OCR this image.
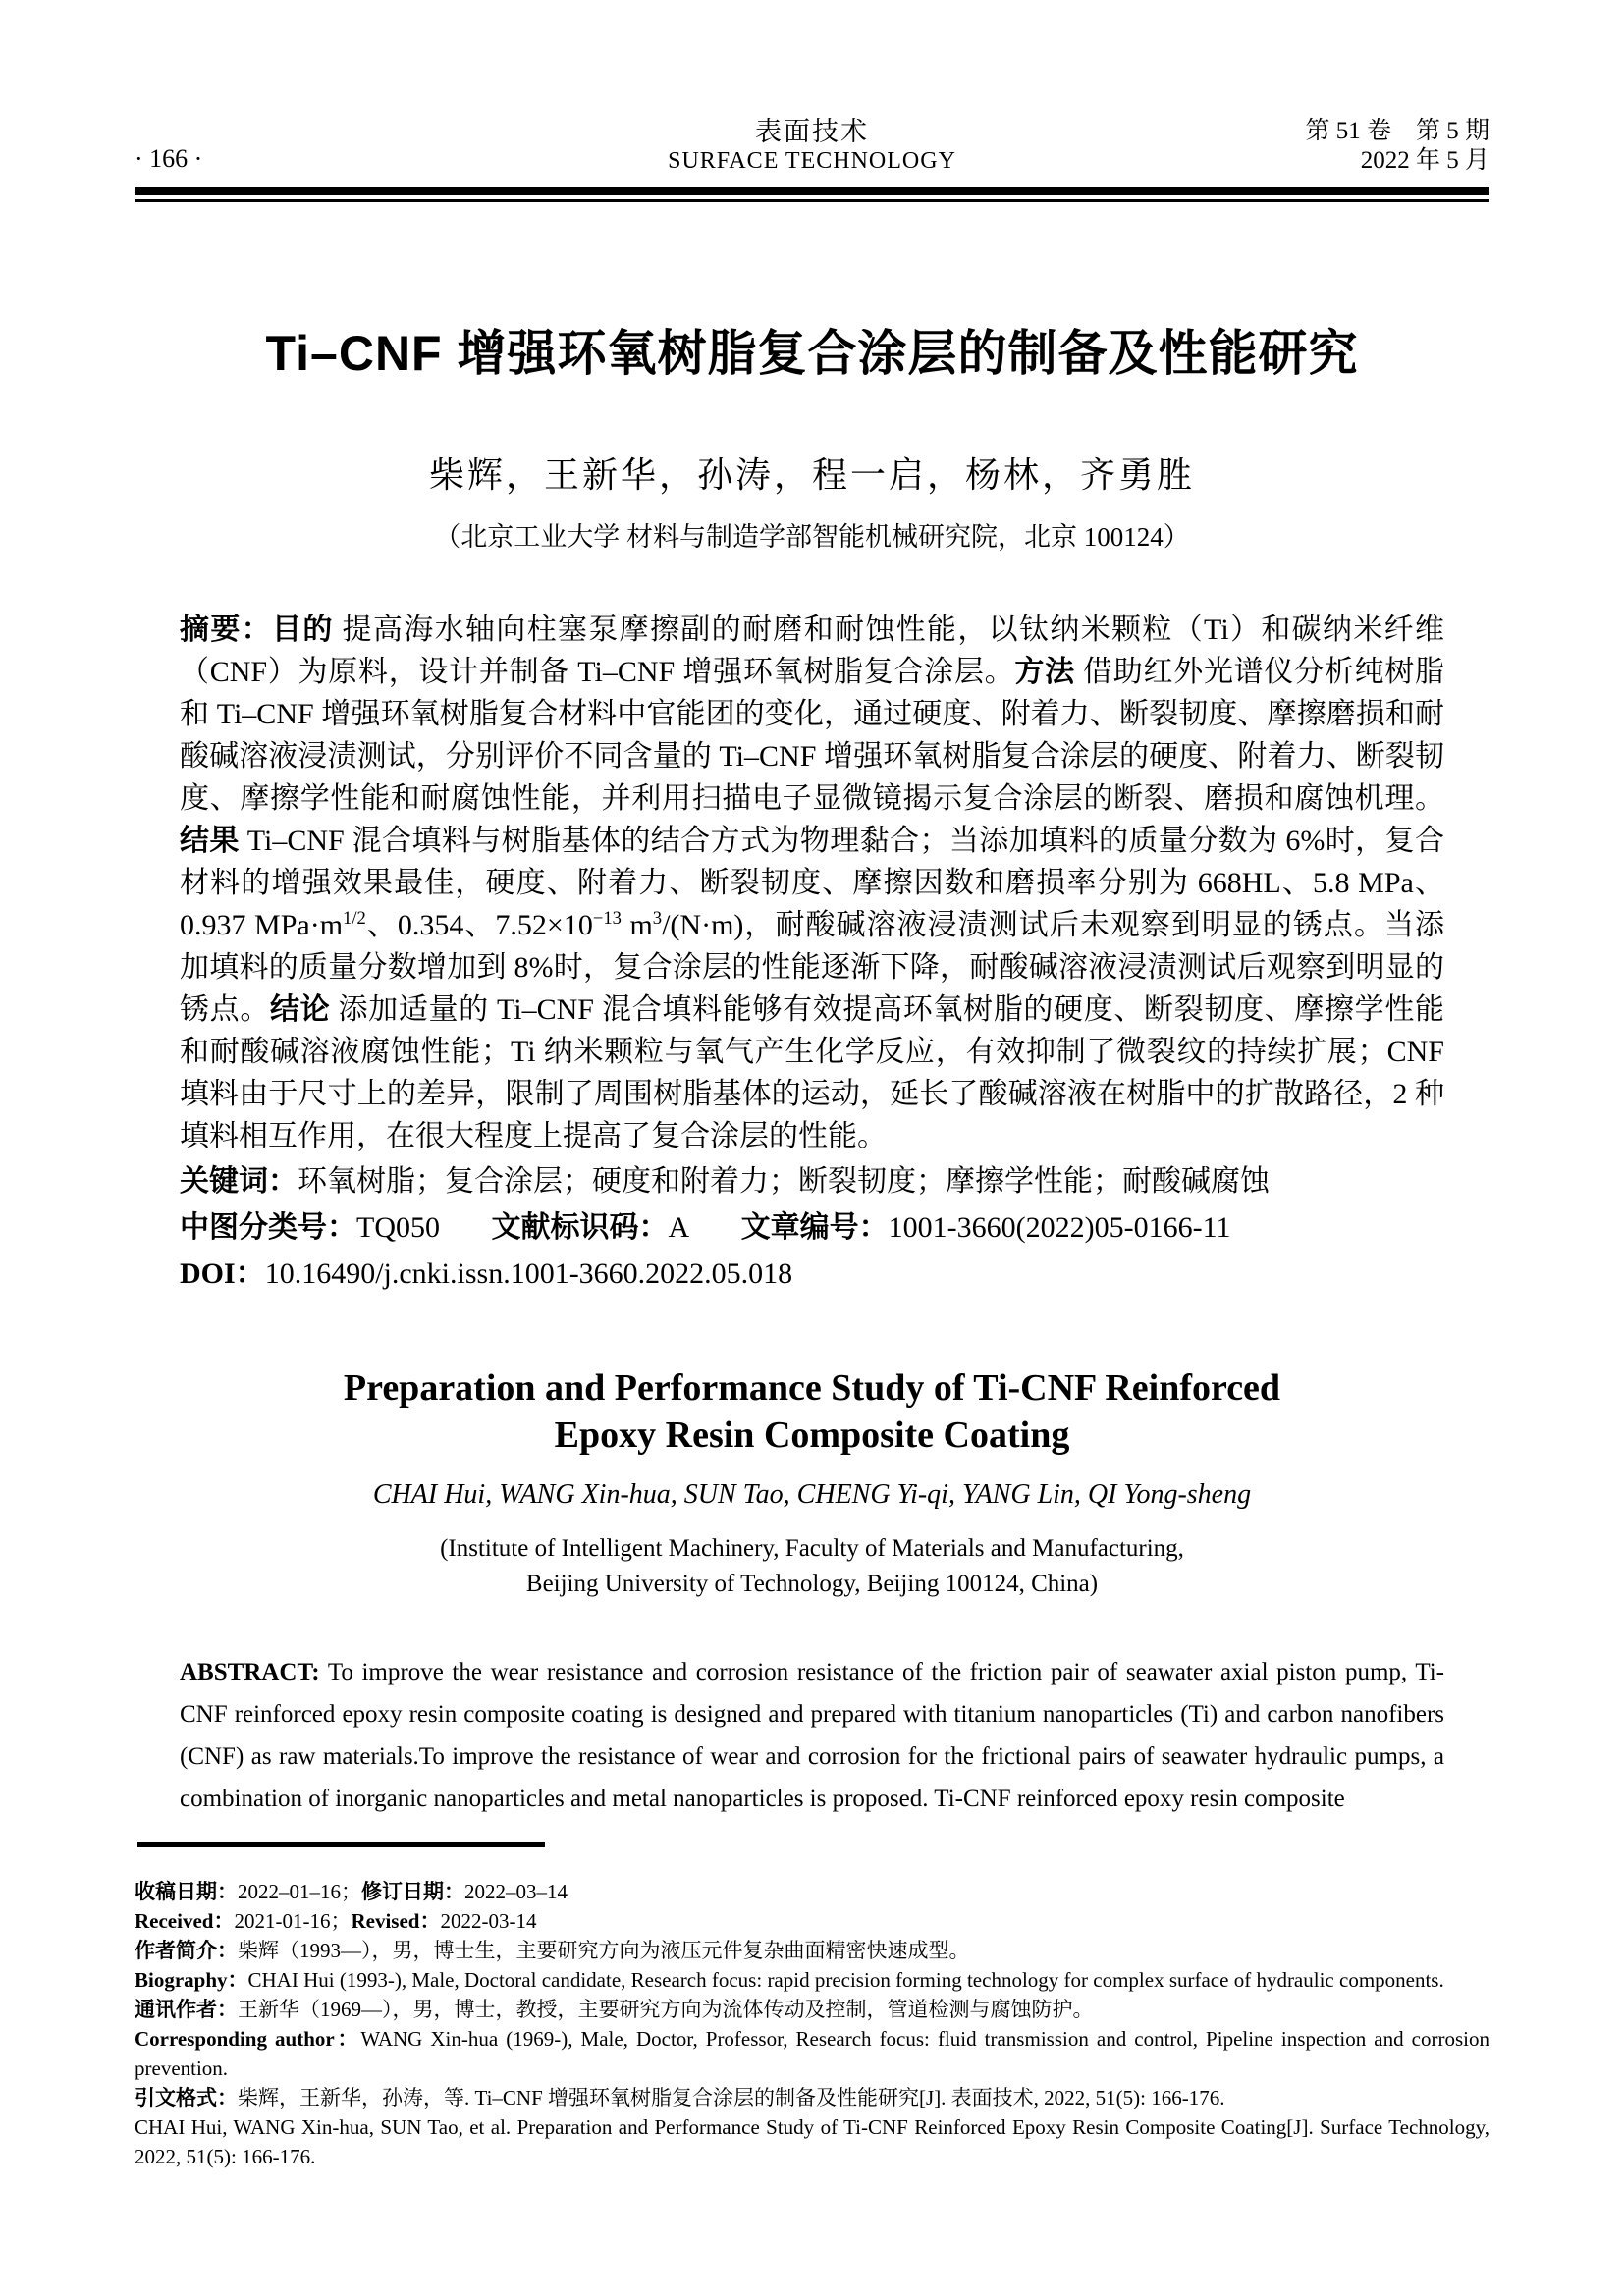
· 166 ·
表面技术
SURFACE TECHNOLOGY
第 51 卷　第 5 期
2022 年 5 月
Ti–CNF 增强环氧树脂复合涂层的制备及性能研究
柴辉，王新华，孙涛，程一启，杨林，齐勇胜
（北京工业大学 材料与制造学部智能机械研究院，北京 100124）

摘要：目的 提高海水轴向柱塞泵摩擦副的耐磨和耐蚀性能，以钛纳米颗粒（Ti）和碳纳米纤维（CNF）为原料，设计并制备 Ti–CNF 增强环氧树脂复合涂层。方法 借助红外光谱仪分析纯树脂和 Ti–CNF 增强环氧树脂复合材料中官能团的变化，通过硬度、附着力、断裂韧度、摩擦磨损和耐酸碱溶液浸渍测试，分别评价不同含量的 Ti–CNF 增强环氧树脂复合涂层的硬度、附着力、断裂韧度、摩擦学性能和耐腐蚀性能，并利用扫描电子显微镜揭示复合涂层的断裂、磨损和腐蚀机理。结果 Ti–CNF 混合填料与树脂基体的结合方式为物理黏合；当添加填料的质量分数为 6%时，复合材料的增强效果最佳，硬度、附着力、断裂韧度、摩擦因数和磨损率分别为 668HL、5.8 MPa、0.937 $MPa\cdot m^{1/2}$、0.354、$7.52\times 10^{-13}$ $m^3/(N\cdot m)$，耐酸碱溶液浸渍测试后未观察到明显的锈点。当添加填料的质量分数增加到 8%时，复合涂层的性能逐渐下降，耐酸碱溶液浸渍测试后观察到明显的锈点。结论 添加适量的 Ti–CNF 混合填料能够有效提高环氧树脂的硬度、断裂韧度、摩擦学性能和耐酸碱溶液腐蚀性能；Ti 纳米颗粒与氧气产生化学反应，有效抑制了微裂纹的持续扩展；CNF 填料由于尺寸上的差异，限制了周围树脂基体的运动，延长了酸碱溶液在树脂中的扩散路径，2 种填料相互作用，在很大程度上提高了复合涂层的性能。

关键词：环氧树脂；复合涂层；硬度和附着力；断裂韧度；摩擦学性能；耐酸碱腐蚀

中图分类号：TQ050       文献标识码：A       文章编号：1001-3660(2022)05-0166-11

DOI：10.16490/j.cnki.issn.1001-3660.2022.05.018

Preparation and Performance Study of Ti-CNF Reinforced
Epoxy Resin Composite Coating
CHAI Hui, WANG Xin-hua, SUN Tao, CHENG Yi-qi, YANG Lin, QI Yong-sheng
(Institute of Intelligent Machinery, Faculty of Materials and Manufacturing,
Beijing University of Technology, Beijing 100124, China)

ABSTRACT: To improve the wear resistance and corrosion resistance of the friction pair of seawater axial piston pump, Ti-CNF reinforced epoxy resin composite coating is designed and prepared with titanium nanoparticles (Ti) and carbon nanofibers (CNF) as raw materials.To improve the resistance of wear and corrosion for the frictional pairs of seawater hydraulic pumps, a combination of inorganic nanoparticles and metal nanoparticles is proposed. Ti-CNF reinforced epoxy resin composite

收稿日期：2022–01–16；修订日期：2022–03–14

Received：2021-01-16；Revised：2022-03-14

作者简介：柴辉（1993—），男，博士生，主要研究方向为液压元件复杂曲面精密快速成型。

Biography：CHAI Hui (1993-), Male, Doctoral candidate, Research focus: rapid precision forming technology for complex surface of hydraulic components.

通讯作者：王新华（1969—），男，博士，教授，主要研究方向为流体传动及控制，管道检测与腐蚀防护。

Corresponding author：WANG Xin-hua (1969-), Male, Doctor, Professor, Research focus: fluid transmission and control, Pipeline inspection and corrosion prevention.

引文格式：柴辉，王新华，孙涛，等. Ti–CNF 增强环氧树脂复合涂层的制备及性能研究[J]. 表面技术, 2022, 51(5): 166-176.

CHAI Hui, WANG Xin-hua, SUN Tao, et al. Preparation and Performance Study of Ti-CNF Reinforced Epoxy Resin Composite Coating[J]. Surface Technology, 2022, 51(5): 166-176.
